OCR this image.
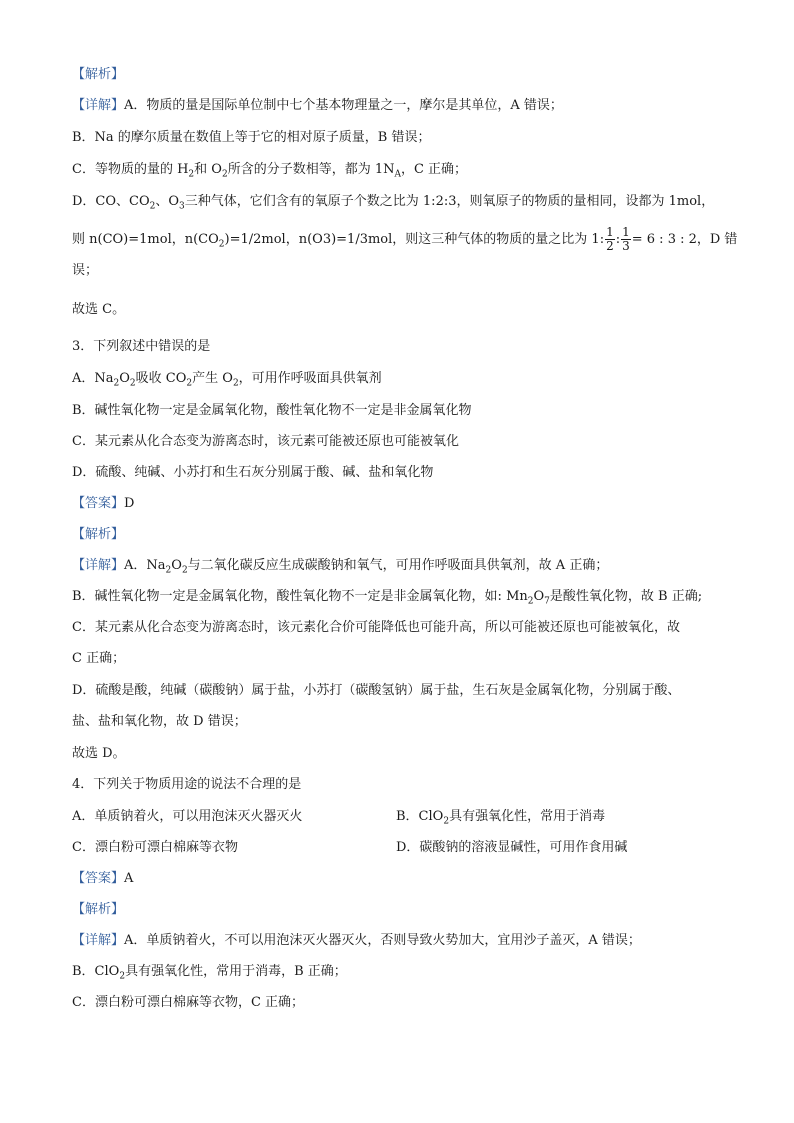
【解析】
【详解】A．物质的量是国际单位制中七个基本物理量之一，摩尔是其单位，A 错误；
B．Na 的摩尔质量在数值上等于它的相对原子质量，B 错误；
C．等物质的量的 $H_2$和 $O_2$所含的分子数相等，都为 $1N_A$，C 正确；
D．CO、$CO_2$、$O_3$三种气体，它们含有的氧原子个数之比为 1:2:3，则氧原子的物质的量相同，设都为 1mol，
则 n(CO)=1mol，$n(CO_2)=1/2mol$，n(O3)=1/3mol，则这三种气体的物质的量之比为 1: $\frac{1}{2}$ : $\frac{1}{3} = 6$ : 3 : 2，D 错
误；
故选 C。
3．下列叙述中错误的是
A．$Na_2O_2$吸收 $CO_2$产生 $O_2$，可用作呼吸面具供氧剂
B．碱性氧化物一定是金属氧化物，酸性氧化物不一定是非金属氧化物
C．某元素从化合态变为游离态时，该元素可能被还原也可能被氧化
D．硫酸、纯碱、小苏打和生石灰分别属于酸、碱、盐和氧化物
【答案】D
【解析】
【详解】A．$Na_2O_2$与二氧化碳反应生成碳酸钠和氧气，可用作呼吸面具供氧剂，故 A 正确；
B．碱性氧化物一定是金属氧化物，酸性氧化物不一定是非金属氧化物，如: $Mn_2O_7$是酸性氧化物，故 B 正确;
C．某元素从化合态变为游离态时，该元素化合价可能降低也可能升高，所以可能被还原也可能被氧化，故
C 正确；
D．硫酸是酸，纯碱（碳酸钠）属于盐，小苏打（碳酸氢钠）属于盐，生石灰是金属氧化物，分别属于酸、
盐、盐和氧化物，故 D 错误；
故选 D。
4．下列关于物质用途的说法不合理的是
A．单质钠着火，可以用泡沫灭火器灭火	B．ClO$_2$具有强氧化性，常用于消毒
C．漂白粉可漂白棉麻等衣物	D．碳酸钠的溶液显碱性，可用作食用碱
【答案】A
【解析】
【详解】A．单质钠着火，不可以用泡沫灭火器灭火，否则导致火势加大，宜用沙子盖灭，A 错误；
B．ClO$_2$具有强氧化性，常用于消毒，B 正确；
C．漂白粉可漂白棉麻等衣物，C 正确；
